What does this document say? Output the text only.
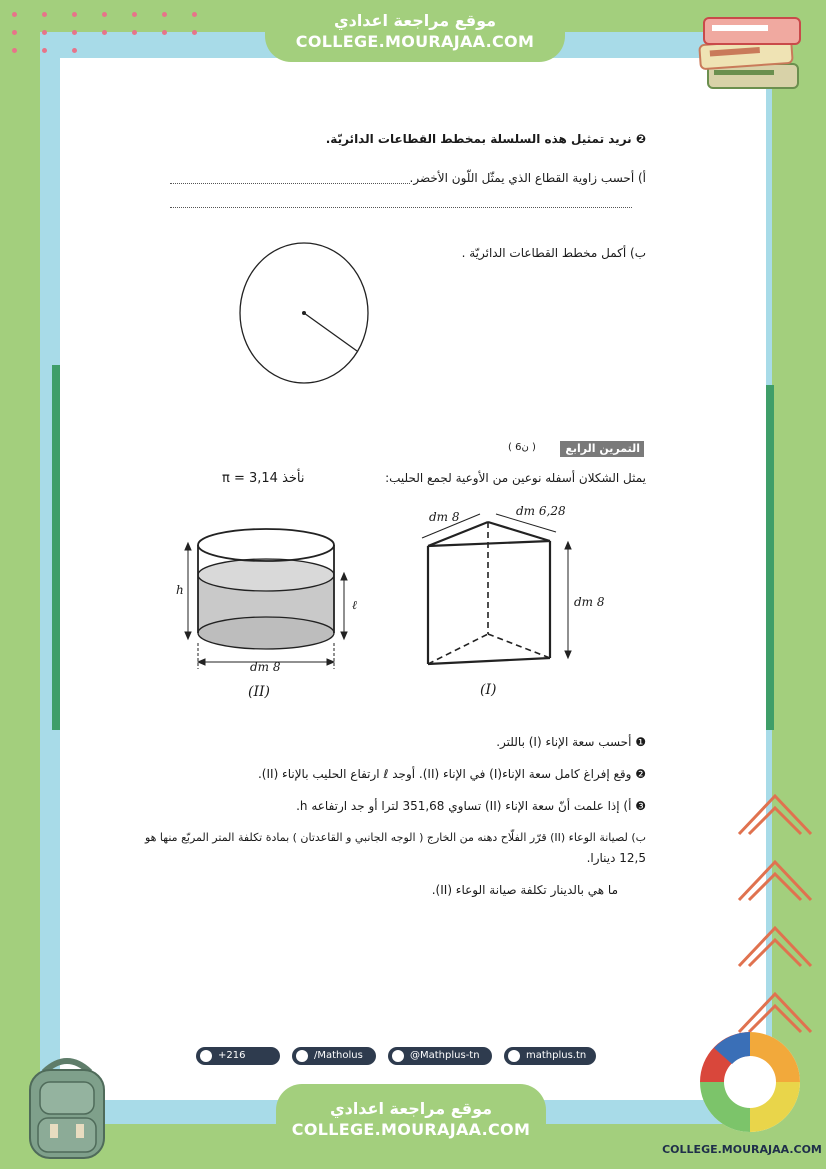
موقع مراجعة اعدادي
COLLEGE.MOURAJAA.COM
❷ نريد تمثيل هذه السلسلة بمخطط القطاعات الدائريّة.
أ) أحسب زاوية القطاع الذي يمثّل اللّون الأخضر.
ب) أكمل مخطط القطاعات الدائريّة .
التمرين الرابع
( 6ن )
يمثل الشكلان أسفله نوعين من الأوعية لجمع الحليب:
نأخذ π = 3,14
8 dm	6,28 dm
8 dm
(I)
h
ℓ
8 dm
(II)
❶ أحسب سعة الإناء (I) باللتر.
❷ وقع إفراغ كامل سعة الإناء(I) في الإناء (II). أوجد ℓ ارتفاع الحليب بالإناء (II).
❸ أ) إذا علمت أنّ سعة الإناء (II) تساوي 351,68 لترا أو جد ارتفاعه h.
ب) لصيانة الوعاء (II) قرّر الفلّاح دهنه من الخارج ( الوجه الجانبي و القاعدتان ) بمادة تكلفة المتر المربّع منها هو
12,5 دينارا.
ما هي بالدينار تكلفة صيانة الوعاء (II).
+216 52361249
/Matholus	@Mathplus-tn	mathplus.tn
موقع مراجعة اعدادي
COLLEGE.MOURAJAA.COM
COLLEGE.MOURAJAA.COM
